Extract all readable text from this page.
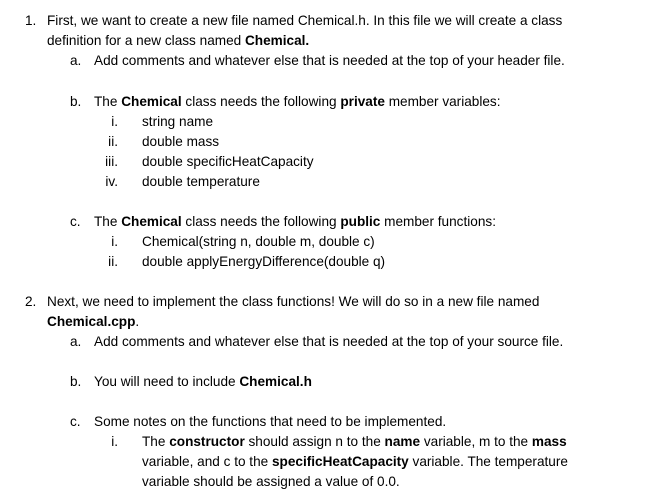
1. First, we want to create a new file named Chemical.h. In this file we will create a class
definition for a new class named Chemical.
a. Add comments and whatever else that is needed at the top of your header file.
b. The Chemical class needs the following private member variables:
i. string name
ii. double mass
iii. double specificHeatCapacity
iv. double temperature
c. The Chemical class needs the following public member functions:
i. Chemical(string n, double m, double c)
ii. double applyEnergyDifference(double q)
2. Next, we need to implement the class functions! We will do so in a new file named
Chemical.cpp.
a. Add comments and whatever else that is needed at the top of your source file.
b. You will need to include Chemical.h
c. Some notes on the functions that need to be implemented.
i. The constructor should assign n to the name variable, m to the mass
variable, and c to the specificHeatCapacity variable. The temperature
variable should be assigned a value of 0.0.
